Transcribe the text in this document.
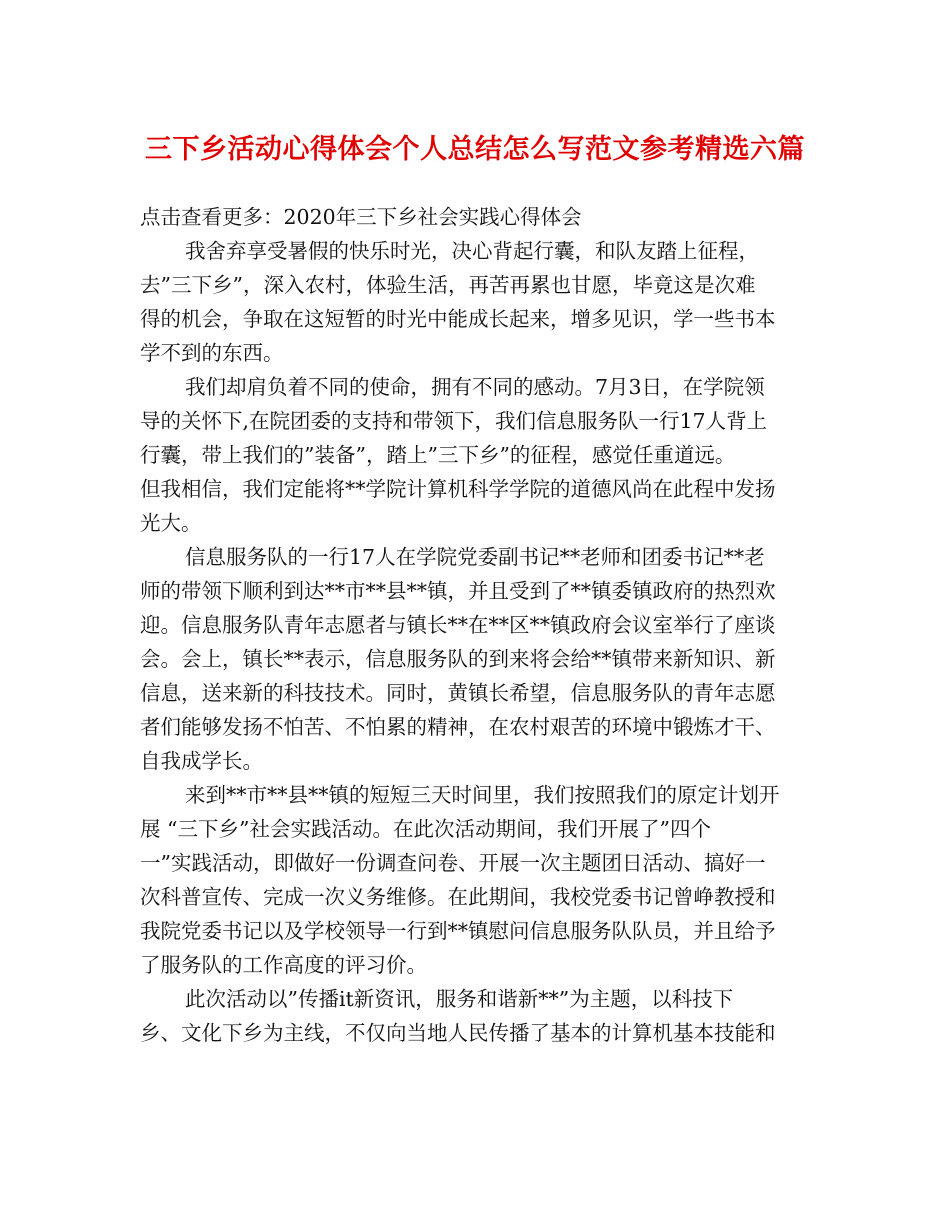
三下乡活动心得体会个人总结怎么写范文参考精选六篇
点击查看更多：2020年三下乡社会实践心得体会
我舍弃享受暑假的快乐时光，决心背起行囊，和队友踏上征程，
去”三下乡”，深入农村，体验生活，再苦再累也甘愿，毕竟这是次难
得的机会，争取在这短暂的时光中能成长起来，增多见识，学一些书本
学不到的东西。
我们却肩负着不同的使命，拥有不同的感动。7月3日，在学院领
导的关怀下,在院团委的支持和带领下，我们信息服务队一行17人背上
行囊，带上我们的”装备”，踏上”三下乡”的征程，感觉任重道远。
但我相信，我们定能将**学院计算机科学学院的道德风尚在此程中发扬
光大。
信息服务队的一行17人在学院党委副书记**老师和团委书记**老
师的带领下顺利到达**市**县**镇，并且受到了**镇委镇政府的热烈欢
迎。信息服务队青年志愿者与镇长**在**区**镇政府会议室举行了座谈
会。会上，镇长**表示，信息服务队的到来将会给**镇带来新知识、新
信息，送来新的科技技术。同时，黄镇长希望，信息服务队的青年志愿
者们能够发扬不怕苦、不怕累的精神，在农村艰苦的环境中锻炼才干、
自我成学长。
来到**市**县**镇的短短三天时间里，我们按照我们的原定计划开
展 “三下乡”社会实践活动。在此次活动期间，我们开展了”四个
一”实践活动，即做好一份调查问卷、开展一次主题团日活动、搞好一
次科普宣传、完成一次义务维修。在此期间，我校党委书记曾峥教授和
我院党委书记以及学校领导一行到**镇慰问信息服务队队员，并且给予
了服务队的工作高度的评习价。
此次活动以”传播it新资讯，服务和谐新**”为主题，以科技下
乡、文化下乡为主线，不仅向当地人民传播了基本的计算机基本技能和
